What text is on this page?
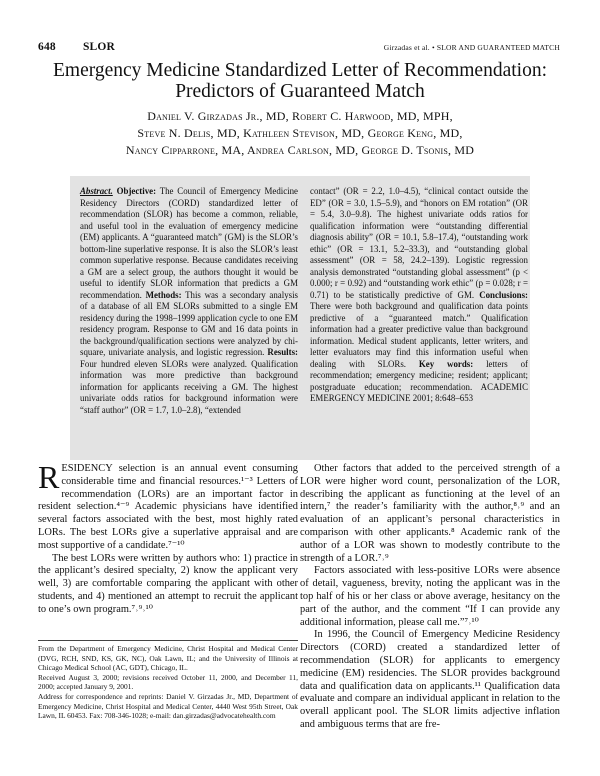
648 SLOR	Girzadas et al. • SLOR AND GUARANTEED MATCH
Emergency Medicine Standardized Letter of Recommendation: Predictors of Guaranteed Match
Daniel V. Girzadas Jr., MD, Robert C. Harwood, MD, MPH,
Steve N. Delis, MD, Kathleen Stevison, MD, George Keng, MD,
Nancy Cipparrone, MA, Andrea Carlson, MD, George D. Tsonis, MD

Abstract. Objective: The Council of Emergency Medicine Residency Directors (CORD) standardized letter of recommendation (SLOR) has become a common, reliable, and useful tool in the evaluation of emergency medicine (EM) applicants. A “guaranteed match” (GM) is the SLOR’s bottom-line superlative response. It is also the SLOR’s least common superlative response. Because candidates receiving a GM are a select group, the authors thought it would be useful to identify SLOR information that predicts a GM recommendation. Methods: This was a secondary analysis of a database of all EM SLORs submitted to a single EM residency during the 1998–1999 application cycle to one EM residency program. Response to GM and 16 data points in the background/qualification sections were analyzed by chi-square, univariate analysis, and logistic regression. Results: Four hundred eleven SLORs were analyzed. Qualification information was more predictive than background information for applicants receiving a GM. The highest univariate odds ratios for background information were “staff author” (OR = 1.7, 1.0–2.8), “extended

contact” (OR = 2.2, 1.0–4.5), “clinical contact outside the ED” (OR = 3.0, 1.5–5.9), and “honors on EM rotation” (OR = 5.4, 3.0–9.8). The highest univariate odds ratios for qualification information were “outstanding differential diagnosis ability” (OR = 10.1, 5.8–17.4), “outstanding work ethic” (OR = 13.1, 5.2–33.3), and “outstanding global assessment” (OR = 58, 24.2–139). Logistic regression analysis demonstrated “outstanding global assessment” (p < 0.000; r = 0.92) and “outstanding work ethic” (p = 0.028; r = 0.71) to be statistically predictive of GM. Conclusions: There were both background and qualification data points predictive of a “guaranteed match.” Qualification information had a greater predictive value than background information. Medical student applicants, letter writers, and letter evaluators may find this information useful when dealing with SLORs. Key words: letters of recommendation; emergency medicine; resident; applicant; postgraduate education; recommendation. ACADEMIC EMERGENCY MEDICINE 2001; 8:648–653

RESIDENCY selection is an annual event consuming considerable time and financial resources.¹⁻³ Letters of recommendation (LORs) are an important factor in resident selection.⁴⁻⁹ Academic physicians have identified several factors associated with the best, most highly rated LORs. The best LORs give a superlative appraisal and are most supportive of a candidate.⁷⁻¹⁰

The best LORs were written by authors who: 1) practice in the applicant’s desired specialty, 2) know the applicant very well, 3) are comfortable comparing the applicant with other students, and 4) mentioned an attempt to recruit the applicant to one’s own program.⁷˒⁹˒¹⁰

From the Department of Emergency Medicine, Christ Hospital and Medical Center (DVG, RCH, SND, KS, GK, NC), Oak Lawn, IL; and the University of Illinois at Chicago Medical School (AC, GDT), Chicago, IL.

Received August 3, 2000; revisions received October 11, 2000, and December 11, 2000; accepted January 9, 2001.

Address for correspondence and reprints: Daniel V. Girzadas Jr., MD, Department of Emergency Medicine, Christ Hospital and Medical Center, 4440 West 95th Street, Oak Lawn, IL 60453. Fax: 708-346-1028; e-mail: dan.girzadas@advocatehealth.com

Other factors that added to the perceived strength of a LOR were higher word count, personalization of the LOR, describing the applicant as functioning at the level of an intern,⁷ the reader’s familiarity with the author,⁸˒⁹ and an evaluation of an applicant’s personal characteristics in comparison with other applicants.⁸ Academic rank of the author of a LOR was shown to modestly contribute to the strength of a LOR.⁷˒⁹

Factors associated with less-positive LORs were absence of detail, vagueness, brevity, noting the applicant was in the top half of his or her class or above average, hesitancy on the part of the author, and the comment “If I can provide any additional information, please call me.”⁷˒¹⁰

In 1996, the Council of Emergency Medicine Residency Directors (CORD) created a standardized letter of recommendation (SLOR) for applicants to emergency medicine (EM) residencies. The SLOR provides background data and qualification data on applicants.¹¹ Qualification data evaluate and compare an individual applicant in relation to the overall applicant pool. The SLOR limits adjective inflation and ambiguous terms that are fre-
